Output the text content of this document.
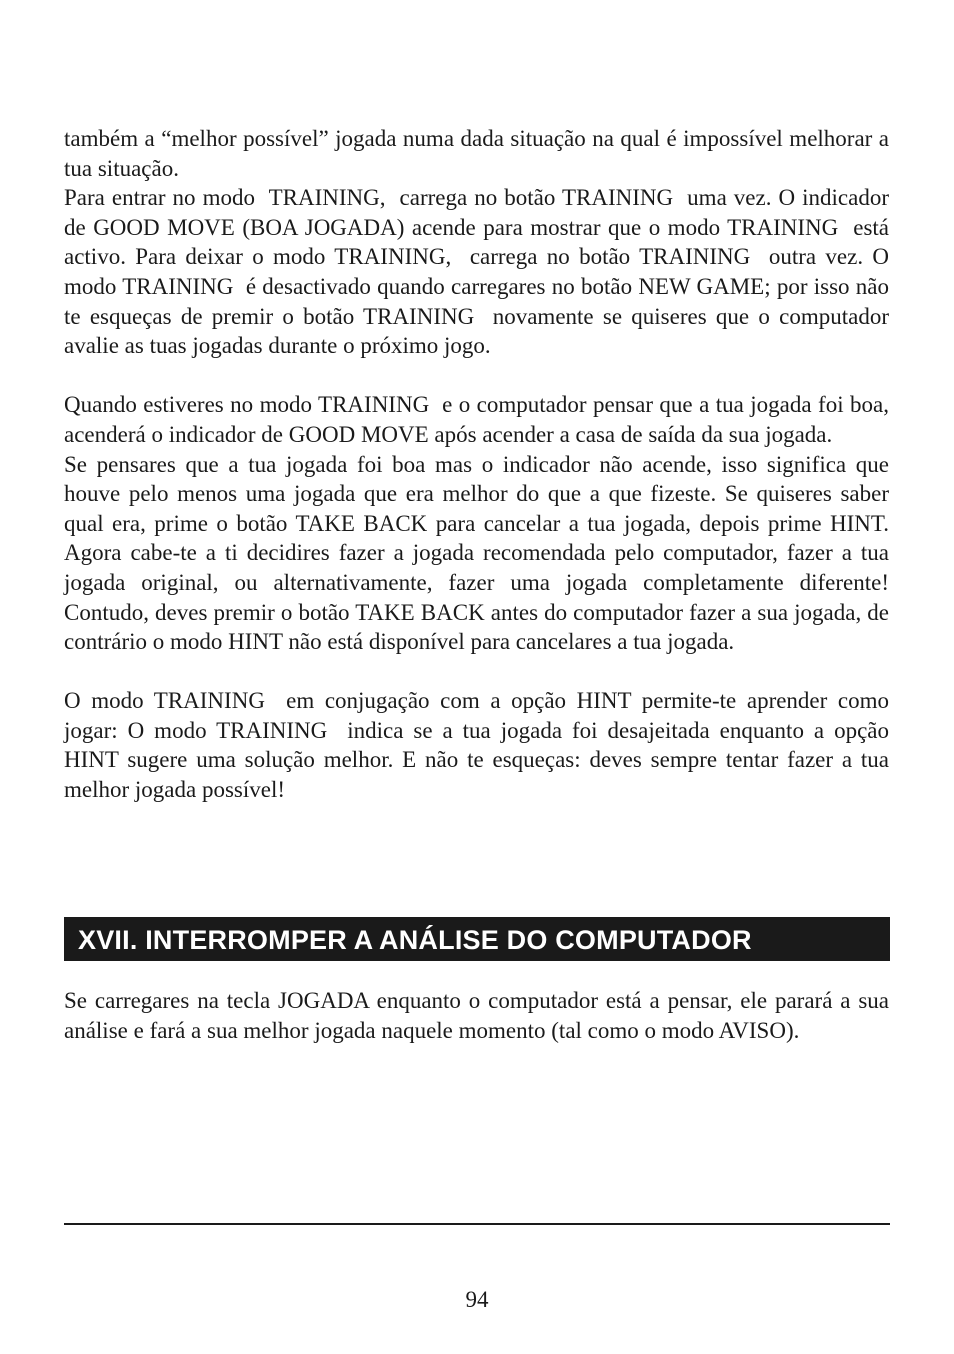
também a “melhor possível” jogada numa dada situação na qual é impossível melhorar a tua situação.

Para entrar no modo  TRAINING,  carrega no botão TRAINING  uma vez. O indicador de GOOD MOVE (BOA JOGADA) acende para mostrar que o modo TRAINING  está activo. Para deixar o modo TRAINING,  carrega no botão TRAINING  outra vez. O modo TRAINING  é desactivado quando carregares no botão NEW GAME; por isso não te esqueças de premir o botão TRAINING  novamente se quiseres que o computador avalie as tuas jogadas durante o próximo jogo.

Quando estiveres no modo TRAINING  e o computador pensar que a tua jogada foi boa, acenderá o indicador de GOOD MOVE após acender a casa de saída da sua jogada.

Se pensares que a tua jogada foi boa mas o indicador não acende, isso significa que houve pelo menos uma jogada que era melhor do que a que fizeste. Se quiseres saber qual era, prime o botão TAKE BACK para cancelar a tua jogada, depois prime HINT. Agora cabe-te a ti decidires fazer a jogada recomendada pelo computador, fazer a tua jogada original, ou alternativamente, fazer uma jogada completamente diferente! Contudo, deves premir o botão TAKE BACK antes do computador fazer a sua jogada, de contrário o modo HINT não está disponível para cancelares a tua jogada.

O modo TRAINING  em conjugação com a opção HINT permite-te aprender como jogar: O modo TRAINING  indica se a tua jogada foi desajeitada enquanto a opção HINT sugere uma solução melhor. E não te esqueças: deves sempre tentar fazer a tua melhor jogada possível!

XVII. INTERROMPER A ANÁLISE DO COMPUTADOR

Se carregares na tecla JOGADA enquanto o computador está a pensar, ele parará a sua análise e fará a sua melhor jogada naquele momento (tal como o modo AVISO).

94
